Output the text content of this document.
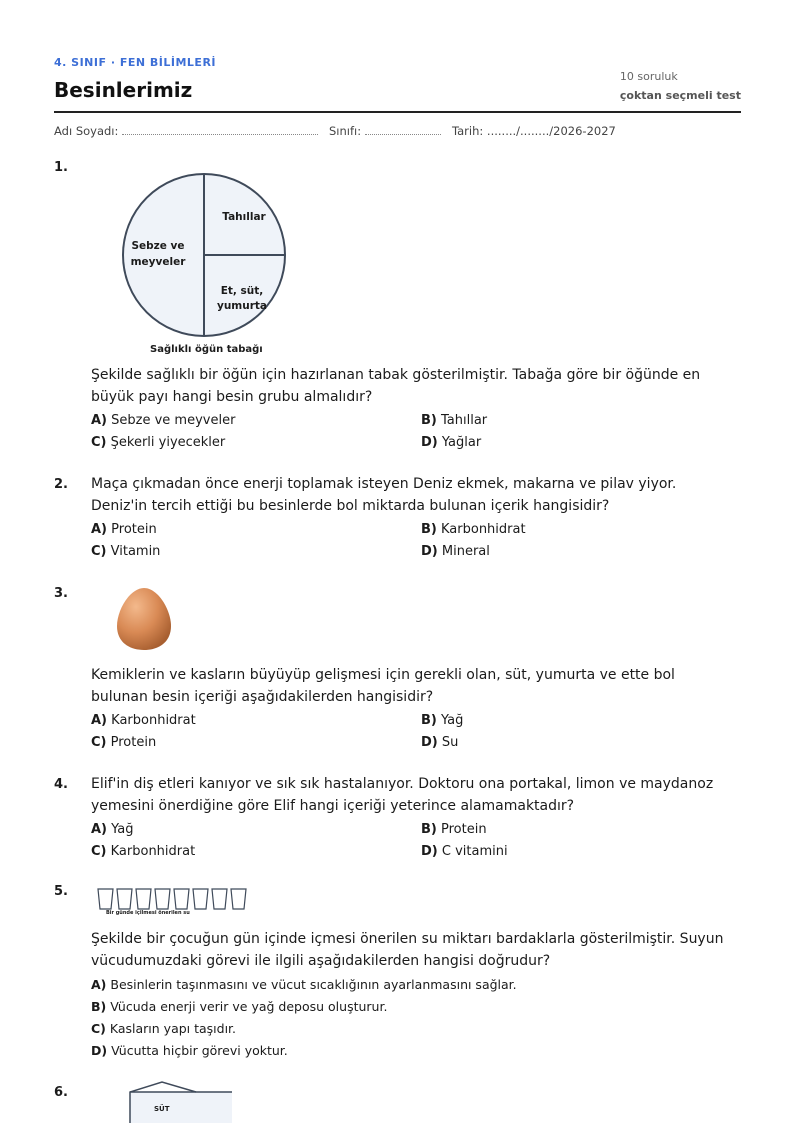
4. SINIF · FEN BİLİMLERİ
Besinlerimiz
10 soruluk
çoktan seçmeli test
Adı Soyadı:	Sınıfı:	Tarih: ......../......../2026-2027
1.
Tahıllar
Sebze ve meyveler
Et, süt, yumurta
Sağlıklı öğün tabağı
Şekilde sağlıklı bir öğün için hazırlanan tabak gösterilmiştir. Tabağa göre bir öğünde en büyük payı hangi besin grubu almalıdır?
A) Sebze ve meyveler	B) Tahıllar
C) Şekerli yiyecekler	D) Yağlar
2. Maça çıkmadan önce enerji toplamak isteyen Deniz ekmek, makarna ve pilav yiyor. Deniz'in tercih ettiği bu besinlerde bol miktarda bulunan içerik hangisidir?
A) Protein	B) Karbonhidrat
C) Vitamin	D) Mineral
3.
Kemiklerin ve kasların büyüyüp gelişmesi için gerekli olan, süt, yumurta ve ette bol bulunan besin içeriği aşağıdakilerden hangisidir?
A) Karbonhidrat	B) Yağ
C) Protein	D) Su
4. Elif'in diş etleri kanıyor ve sık sık hastalanıyor. Doktoru ona portakal, limon ve maydanoz yemesini önerdiğine göre Elif hangi içeriği yeterince alamamaktadır?
A) Yağ	B) Protein
C) Karbonhidrat	D) C vitamini
5.
Bir günde içilmesi önerilen su
Şekilde bir çocuğun gün içinde içmesi önerilen su miktarı bardaklarla gösterilmiştir. Suyun vücudumuzdaki görevi ile ilgili aşağıdakilerden hangisi doğrudur?
A) Besinlerin taşınmasını ve vücut sıcaklığının ayarlanmasını sağlar.
B) Vücuda enerji verir ve yağ deposu oluşturur.
C) Kasların yapı taşıdır.
D) Vücutta hiçbir görevi yoktur.
6.
SÜT
